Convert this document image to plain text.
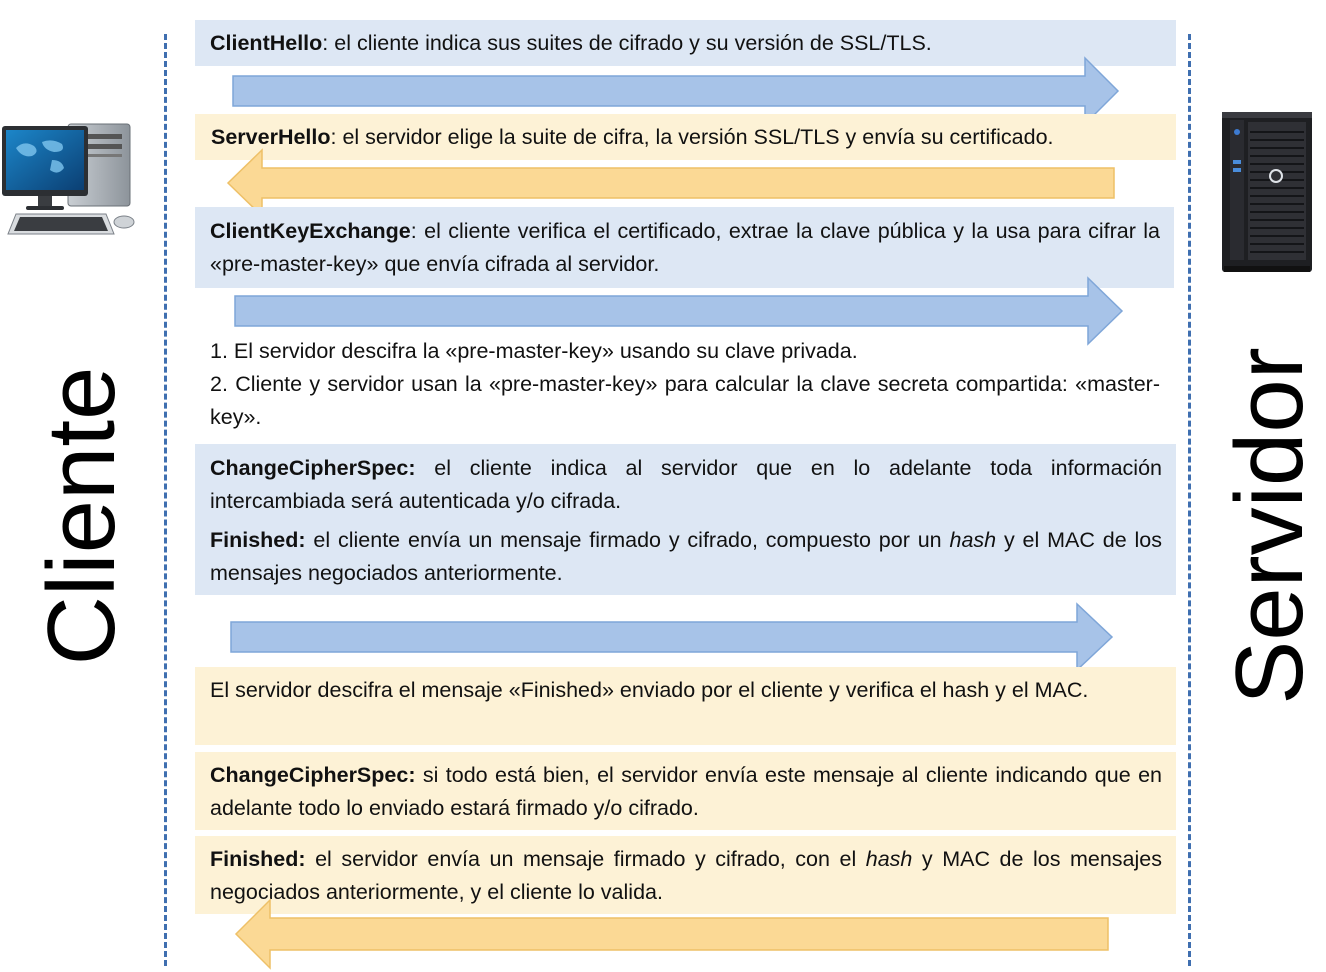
Cliente	Servidor
ClientHello: el cliente indica sus suites de cifrado y su versión de SSL/TLS.
ServerHello: el servidor elige la suite de cifra, la versión SSL/TLS y envía su certificado.
ClientKeyExchange: el cliente verifica el certificado, extrae la clave pública y la usa para cifrar la «pre-master-key» que envía cifrada al servidor.
1. El servidor descifra la «pre-master-key» usando su clave privada.
2. Cliente y servidor usan la «pre-master-key» para calcular la clave secreta compartida: «master-key».
ChangeCipherSpec: el cliente indica al servidor que en lo adelante toda información intercambiada será autenticada y/o cifrada.
Finished: el cliente envía un mensaje firmado y cifrado, compuesto por un hash y el MAC de los mensajes negociados anteriormente.
El servidor descifra el mensaje «Finished» enviado por el cliente y verifica el hash y el MAC.
ChangeCipherSpec: si todo está bien, el servidor envía este mensaje al cliente indicando que en adelante todo lo enviado estará firmado y/o cifrado.
Finished: el servidor envía un mensaje firmado y cifrado, con el hash y MAC de los mensajes negociados anteriormente, y el cliente lo valida.
